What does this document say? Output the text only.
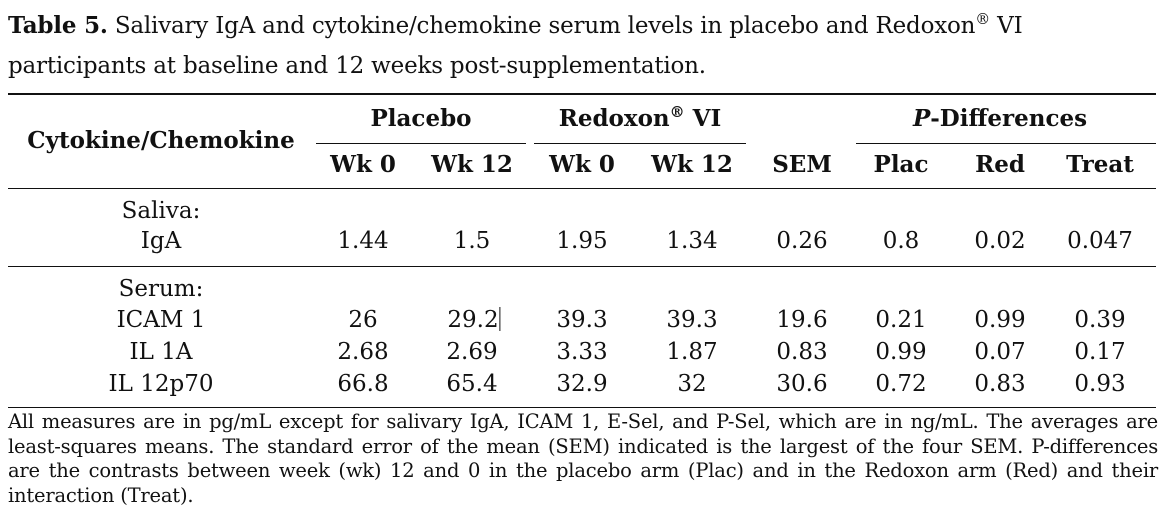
Table 5. Salivary IgA and cytokine/chemokine serum levels in placebo and Redoxon® VI participants at baseline and 12 weeks post-supplementation.
Cytokine/Chemokine
Placebo	Redoxon® VI	P-Differences
Wk 0 Wk 12 Wk 0 Wk 12 SEM Plac Red Treat
Saliva:
IgA	1.44	1.5	1.95	1.34	0.26 0.8 0.02 0.047
Serum:
ICAM 1	26	29.2	39.3	39.3	19.6 0.21 0.99 0.39
IL 1A	2.68	2.69	3.33	1.87	0.83 0.99 0.07 0.17
IL 12p70	66.8	65.4	32.9	32	30.6 0.72 0.83 0.93
All measures are in pg/mL except for salivary IgA, ICAM 1, E-Sel, and P-Sel, which are in ng/mL. The averages are least-squares means. The standard error of the mean (SEM) indicated is the largest of the four SEM. P-differences are the contrasts between week (wk) 12 and 0 in the placebo arm (Plac) and in the Redoxon arm (Red) and their interaction (Treat).
